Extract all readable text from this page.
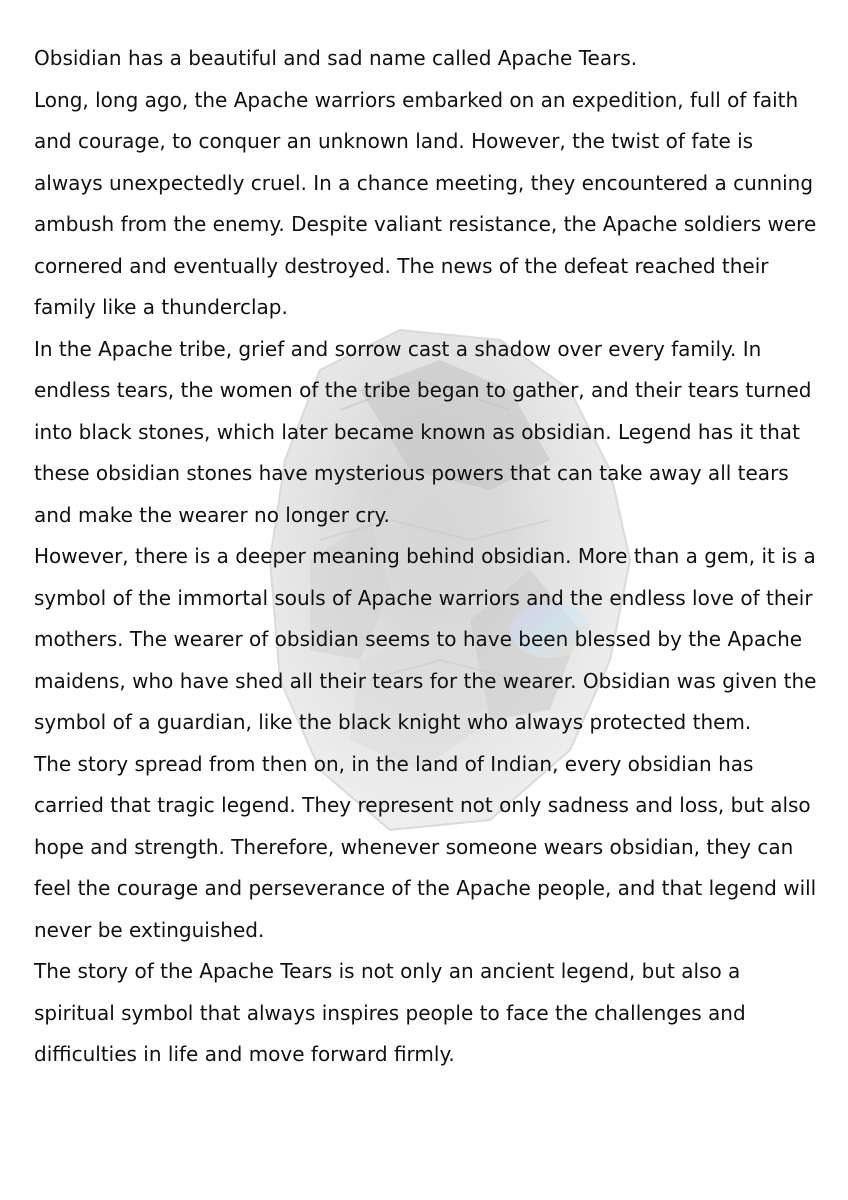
Obsidian has a beautiful and sad name called Apache Tears.

Long, long ago, the Apache warriors embarked on an expedition, full of faith and courage, to conquer an unknown land. However, the twist of fate is always unexpectedly cruel. In a chance meeting, they encountered a cunning ambush from the enemy. Despite valiant resistance, the Apache soldiers were cornered and eventually destroyed. The news of the defeat reached their family like a thunderclap.

In the Apache tribe, grief and sorrow cast a shadow over every family. In endless tears, the women of the tribe began to gather, and their tears turned into black stones, which later became known as obsidian. Legend has it that these obsidian stones have mysterious powers that can take away all tears and make the wearer no longer cry.

However, there is a deeper meaning behind obsidian. More than a gem, it is a symbol of the immortal souls of Apache warriors and the endless love of their mothers. The wearer of obsidian seems to have been blessed by the Apache maidens, who have shed all their tears for the wearer. Obsidian was given the symbol of a guardian, like the black knight who always protected them.

The story spread from then on, in the land of Indian, every obsidian has carried that tragic legend. They represent not only sadness and loss, but also hope and strength. Therefore, whenever someone wears obsidian, they can feel the courage and perseverance of the Apache people, and that legend will never be extinguished.

The story of the Apache Tears is not only an ancient legend, but also a spiritual symbol that always inspires people to face the challenges and difficulties in life and move forward firmly.
